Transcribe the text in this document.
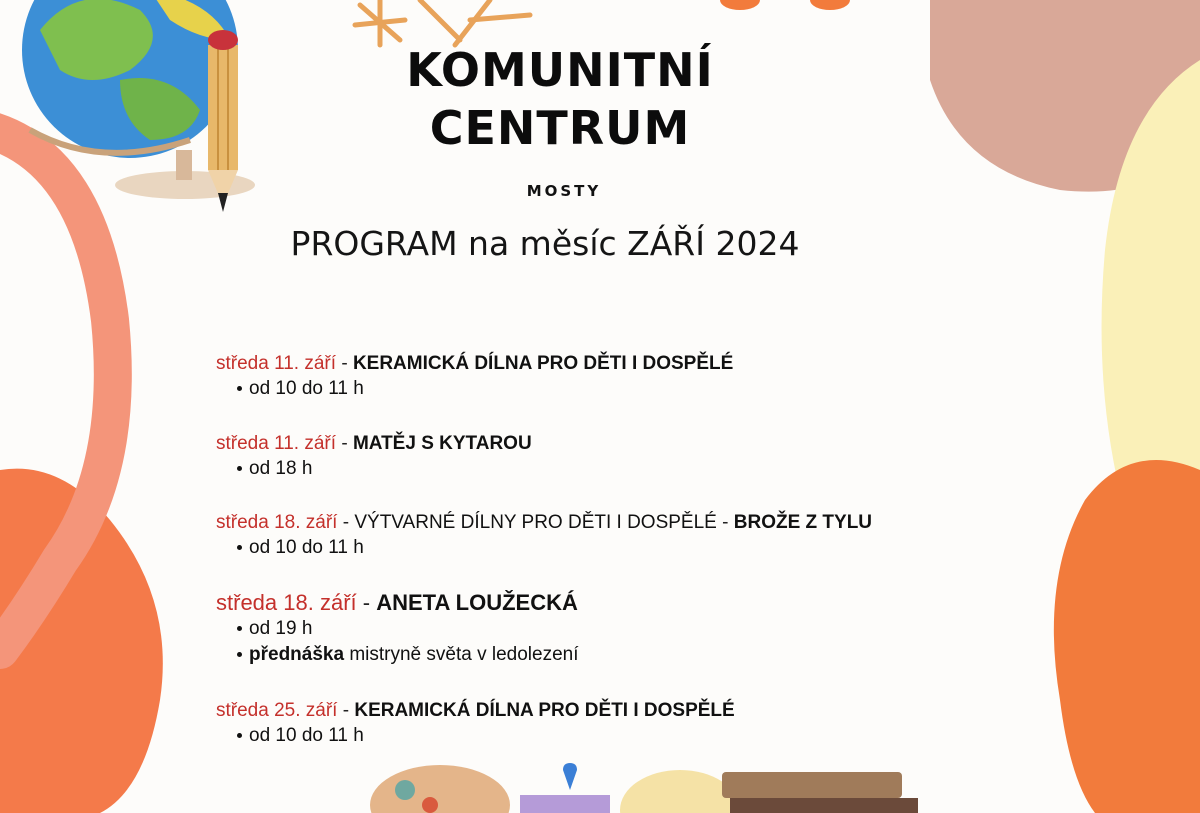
KOMUNITNÍ
CENTRUM
MOSTY
PROGRAM na měsíc ZÁŘÍ 2024
středa 11. září - KERAMICKÁ DÍLNA PRO DĚTI I DOSPĚLÉ
od 10 do 11 h
středa 11. září - MATĚJ S KYTAROU
od 18 h
středa 18. září - VÝTVARNÉ DÍLNY PRO DĚTI I DOSPĚLÉ - BROŽE Z TYLU
od 10 do 11 h
středa 18. září - ANETA LOUŽECKÁ
od 19 h
přednáška mistryně světa v ledolezení
středa 25. září - KERAMICKÁ DÍLNA PRO DĚTI I DOSPĚLÉ
od 10 do 11 h
